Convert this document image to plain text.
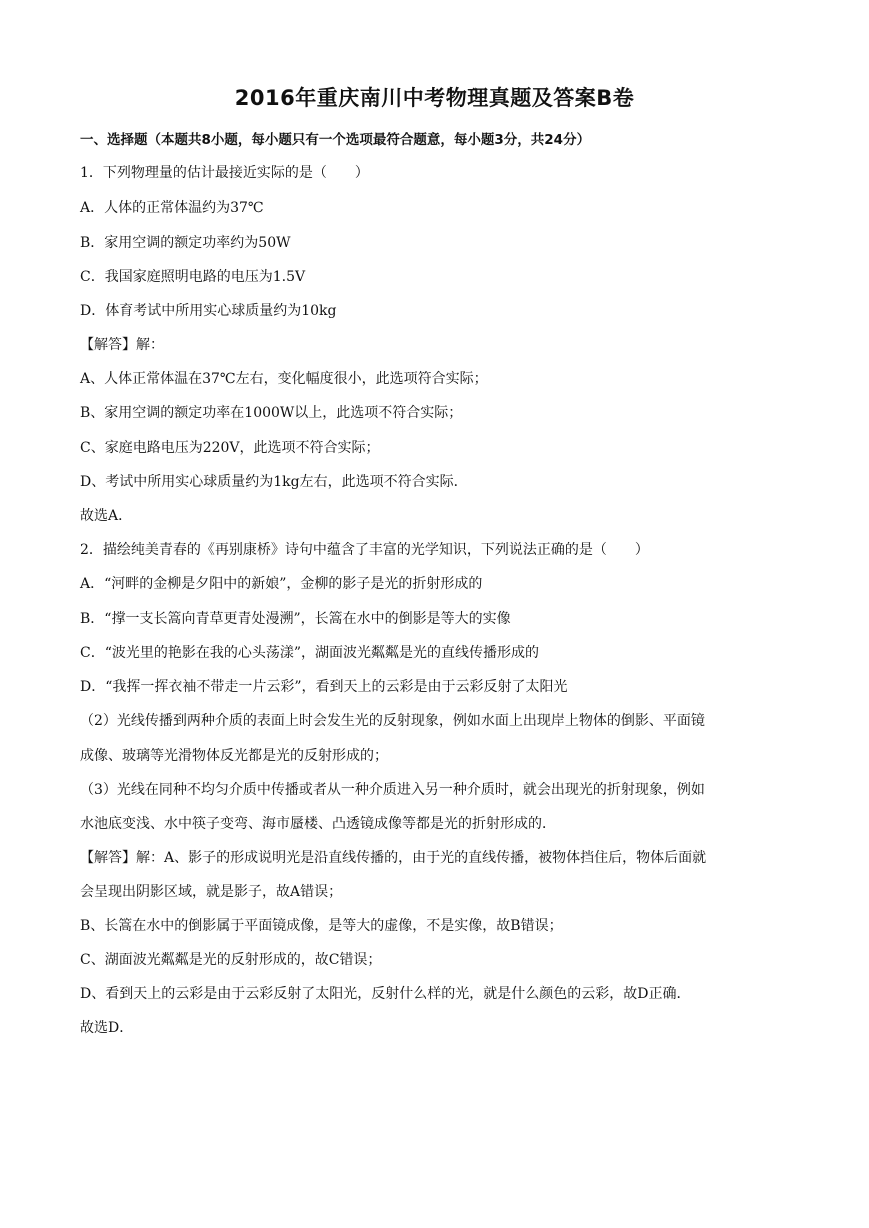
2016年重庆南川中考物理真题及答案B卷
一、选择题（本题共8小题，每小题只有一个选项最符合题意，每小题3分，共24分）
1．下列物理量的估计最接近实际的是（　　）
A．人体的正常体温约为37℃
B．家用空调的额定功率约为50W
C．我国家庭照明电路的电压为1.5V
D．体育考试中所用实心球质量约为10kg
【解答】解：
A、人体正常体温在37℃左右，变化幅度很小，此选项符合实际；
B、家用空调的额定功率在1000W以上，此选项不符合实际；
C、家庭电路电压为220V，此选项不符合实际；
D、考试中所用实心球质量约为1kg左右，此选项不符合实际．
故选A．
2．描绘纯美青春的《再别康桥》诗句中蕴含了丰富的光学知识，下列说法正确的是（　　）
A．“河畔的金柳是夕阳中的新娘”，金柳的影子是光的折射形成的
B．“撑一支长篙向青草更青处漫溯”，长篙在水中的倒影是等大的实像
C．“波光里的艳影在我的心头荡漾”，湖面波光粼粼是光的直线传播形成的
D．“我挥一挥衣袖不带走一片云彩”，看到天上的云彩是由于云彩反射了太阳光
（2）光线传播到两种介质的表面上时会发生光的反射现象，例如水面上出现岸上物体的倒影、平面镜
成像、玻璃等光滑物体反光都是光的反射形成的；
（3）光线在同种不均匀介质中传播或者从一种介质进入另一种介质时，就会出现光的折射现象，例如
水池底变浅、水中筷子变弯、海市蜃楼、凸透镜成像等都是光的折射形成的．
【解答】解：A、影子的形成说明光是沿直线传播的，由于光的直线传播，被物体挡住后，物体后面就
会呈现出阴影区域，就是影子，故A错误；
B、长篙在水中的倒影属于平面镜成像，是等大的虚像，不是实像，故B错误；
C、湖面波光粼粼是光的反射形成的，故C错误；
D、看到天上的云彩是由于云彩反射了太阳光，反射什么样的光，就是什么颜色的云彩，故D正确．
故选D．
